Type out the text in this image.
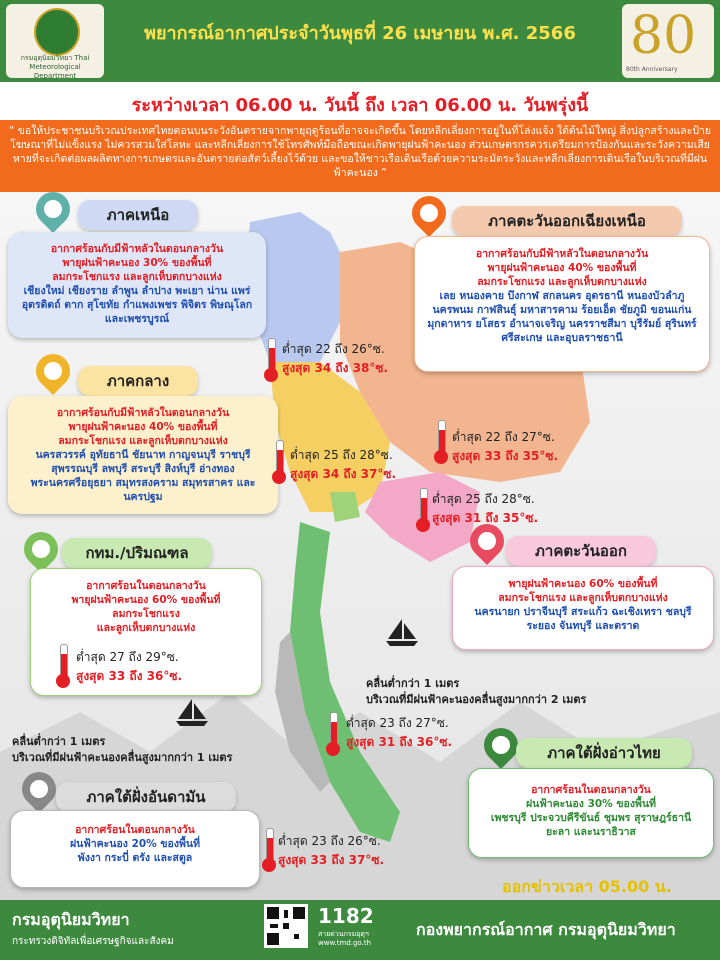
กรมอุตุนิยมวิทยา Thai Meteorological Department
พยากรณ์อากาศประจำวันพุธที่ 26 เมษายน พ.ศ. 2566	80
80th Anniversary
ระหว่างเวลา 06.00 น. วันนี้ ถึง เวลา 06.00 น. วันพรุ่งนี้
“ ขอให้ประชาชนบริเวณประเทศไทยตอนบนระวังอันตรายจากพายุฤดูร้อนที่อาจจะเกิดขึ้น โดยหลีกเลี่ยงการอยู่ในที่โล่งแจ้ง ใต้ต้นไม้ใหญ่ สิ่งปลูกสร้างและป้ายโฆษณาที่ไม่แข็งแรง ไม่ควรสวมใส่โลหะ และหลีกเลี่ยงการใช้โทรศัพท์มือถือขณะเกิดพายุฝนฟ้าคะนอง ส่วนเกษตรกรควรเตรียมการป้องกันและระวังความเสียหายที่จะเกิดต่อผลผลิตทางการเกษตรและอันตรายต่อสัตว์เลี้ยงไว้ด้วย และขอให้ชาวเรือเดินเรือด้วยความระมัดระวังและหลีกเลี่ยงการเดินเรือในบริเวณที่มีฝนฟ้าคะนอง ”
ภาคเหนือ
อากาศร้อนกับมีฟ้าหลัวในตอนกลางวัน
พายุฝนฟ้าคะนอง 30% ของพื้นที่
ลมกระโชกแรง และลูกเห็บตกบางแห่ง
เชียงใหม่ เชียงราย ลำพูน ลำปาง พะเยา น่าน แพร่ อุตรดิตถ์ ตาก สุโขทัย กำแพงเพชร พิจิตร พิษณุโลก และเพชรบูรณ์
ต่ำสุด 22 ถึง 26°ซ.
สูงสุด 34 ถึง 38°ซ.
ภาคตะวันออกเฉียงเหนือ
อากาศร้อนกับมีฟ้าหลัวในตอนกลางวัน
พายุฝนฟ้าคะนอง 40% ของพื้นที่
ลมกระโชกแรง และลูกเห็บตกบางแห่ง
เลย หนองคาย บึงกาฬ สกลนคร อุดรธานี หนองบัวลำภู นครพนม กาฬสินธุ์ มหาสารคาม ร้อยเอ็ด ชัยภูมิ ขอนแก่น มุกดาหาร ยโสธร อำนาจเจริญ นครราชสีมา บุรีรัมย์ สุรินทร์ ศรีสะเกษ และอุบลราชธานี
ต่ำสุด 22 ถึง 27°ซ.
สูงสุด 33 ถึง 35°ซ.
ภาคกลาง
อากาศร้อนกับมีฟ้าหลัวในตอนกลางวัน
พายุฝนฟ้าคะนอง 40% ของพื้นที่
ลมกระโชกแรง และลูกเห็บตกบางแห่ง
นครสวรรค์ อุทัยธานี ชัยนาท กาญจนบุรี ราชบุรี สุพรรณบุรี ลพบุรี สระบุรี สิงห์บุรี อ่างทอง พระนครศรีอยุธยา สมุทรสงคราม สมุทรสาคร และนครปฐม
ต่ำสุด 25 ถึง 28°ซ.
สูงสุด 34 ถึง 37°ซ.
ต่ำสุด 25 ถึง 28°ซ.
สูงสุด 31 ถึง 35°ซ.
กทม./ปริมณฑล
อากาศร้อนในตอนกลางวัน
พายุฝนฟ้าคะนอง 60% ของพื้นที่
ลมกระโชกแรง
และลูกเห็บตกบางแห่ง
ต่ำสุด 27 ถึง 29°ซ.
สูงสุด 33 ถึง 36°ซ.
ภาคตะวันออก
พายุฝนฟ้าคะนอง 60% ของพื้นที่
ลมกระโชกแรง และลูกเห็บตกบางแห่ง
นครนายก ปราจีนบุรี สระแก้ว ฉะเชิงเทรา ชลบุรี ระยอง จันทบุรี และตราด
คลื่นต่ำกว่า 1 เมตร
บริเวณที่มีฝนฟ้าคะนองคลื่นสูงมากกว่า 2 เมตร
ต่ำสุด 23 ถึง 27°ซ.
สูงสุด 31 ถึง 36°ซ.
คลื่นต่ำกว่า 1 เมตร
บริเวณที่มีฝนฟ้าคะนองคลื่นสูงมากกว่า 1 เมตร	ภาคใต้ฝั่งอ่าวไทย
อากาศร้อนในตอนกลางวัน
ฝนฟ้าคะนอง 30% ของพื้นที่
เพชรบุรี ประจวบคีรีขันธ์ ชุมพร สุราษฎร์ธานี ยะลา และนราธิวาส
ภาคใต้ฝั่งอันดามัน
อากาศร้อนในตอนกลางวัน
ฝนฟ้าคะนอง 20% ของพื้นที่
พังงา กระบี่ ตรัง และสตูล
ต่ำสุด 23 ถึง 26°ซ.
สูงสุด 33 ถึง 37°ซ.
ออกข่าวเวลา 05.00 น.
กรมอุตุนิยมวิทยา
กระทรวงดิจิทัลเพื่อเศรษฐกิจและสังคม
1182
สายด่วนกรมอุตุฯ
www.tmd.go.th
กองพยากรณ์อากาศ กรมอุตุนิยมวิทยา
